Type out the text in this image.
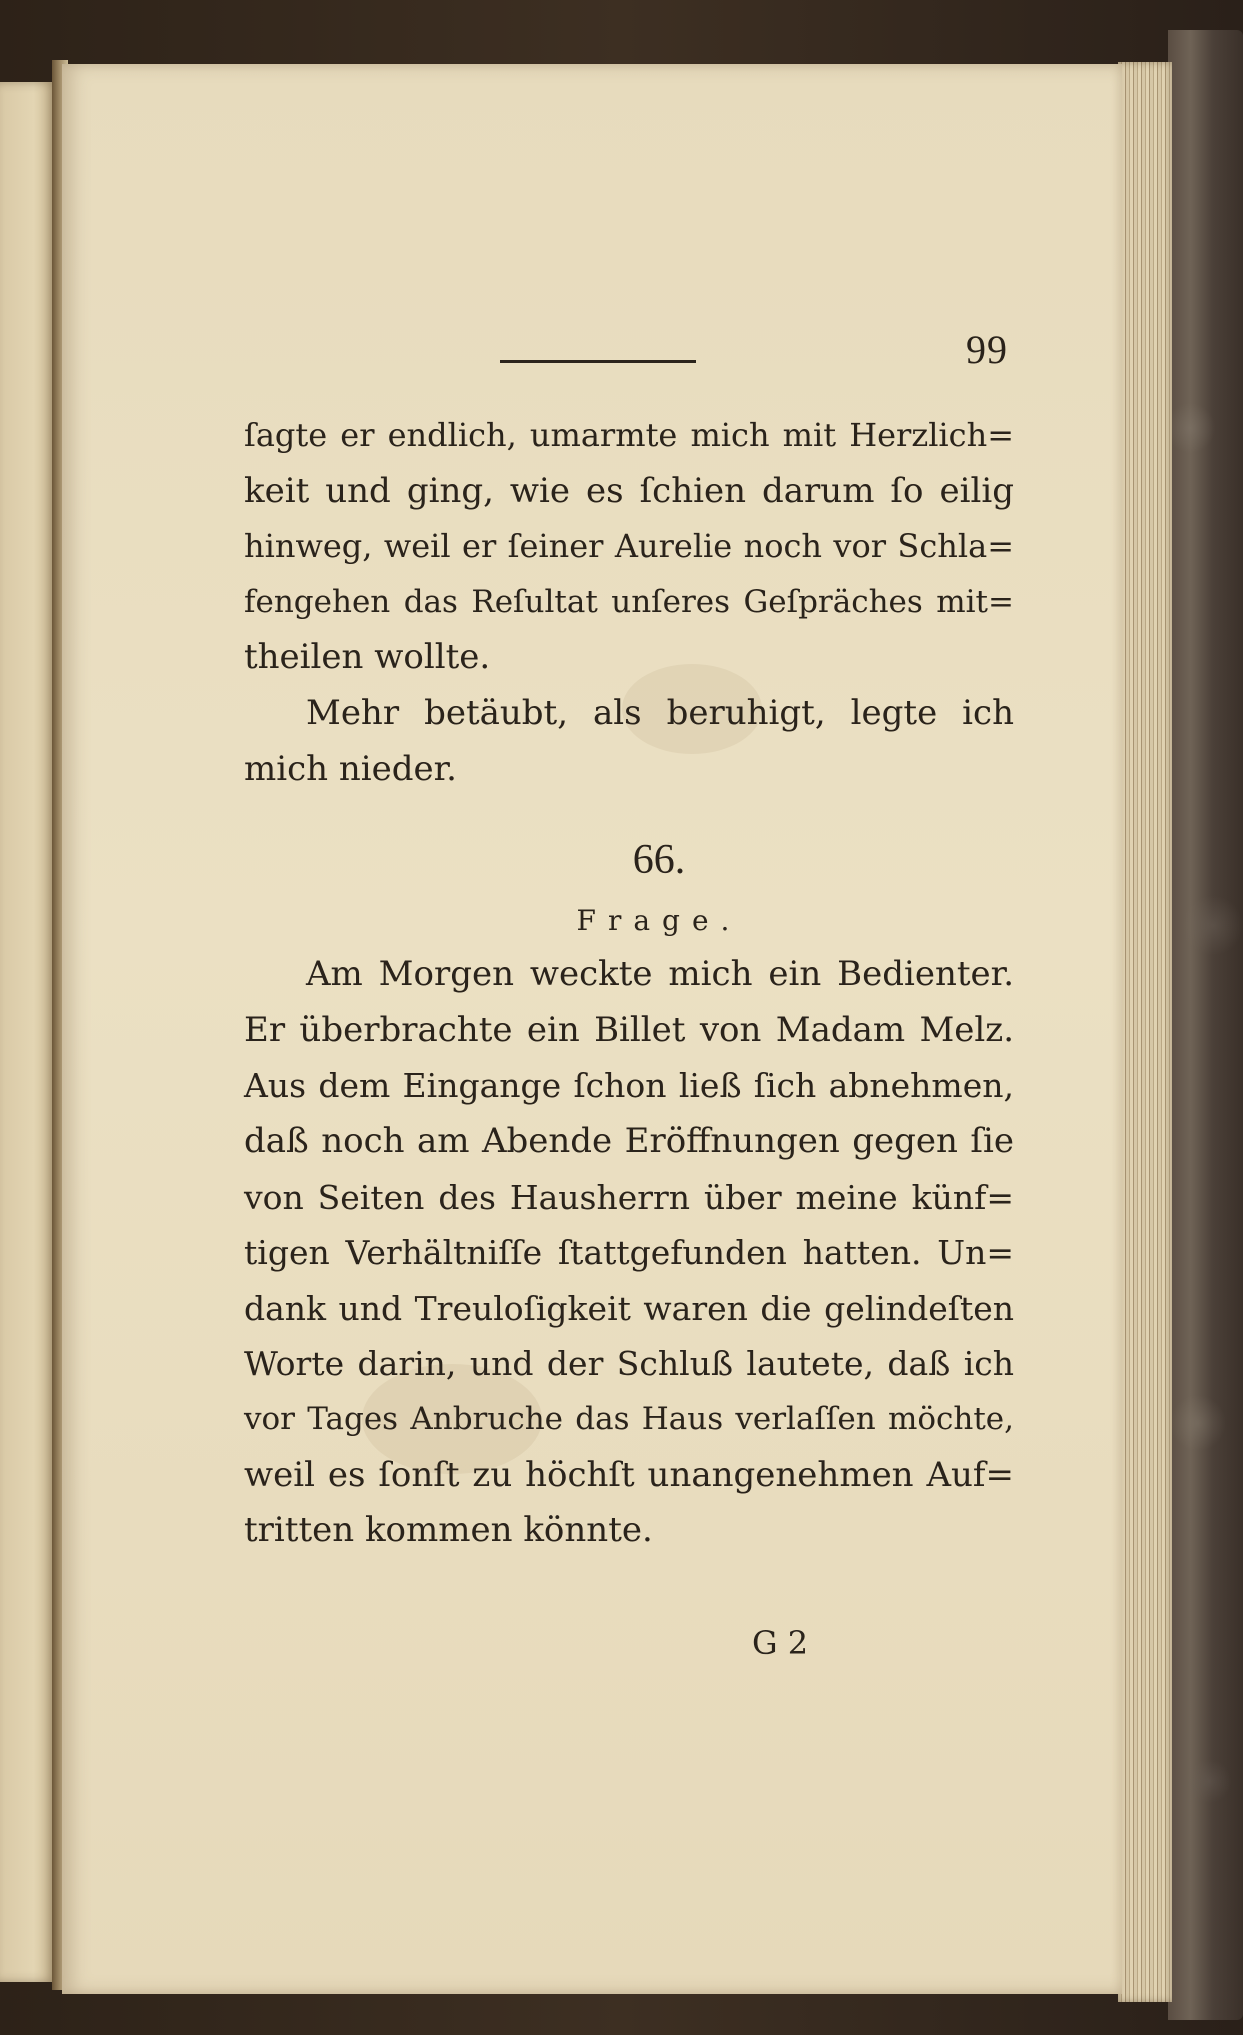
99
ſagte er endlich, umarmte mich mit Herzlich=
keit und ging, wie es ſchien darum ſo eilig
hinweg, weil er ſeiner Aurelie noch vor Schla=
fengehen das Reſultat unſeres Geſpräches mit=
theilen wollte.
Mehr betäubt, als beruhigt, legte ich
mich nieder.
66.
Frage.
Am Morgen weckte mich ein Bedienter.
Er überbrachte ein Billet von Madam Melz.
Aus dem Eingange ſchon ließ ſich abnehmen,
daß noch am Abende Eröffnungen gegen ſie
von Seiten des Hausherrn über meine künf=
tigen Verhältniſſe ſtattgefunden hatten. Un=
dank und Treuloſigkeit waren die gelindeſten
Worte darin, und der Schluß lautete, daß ich
vor Tages Anbruche das Haus verlaſſen möchte,
weil es ſonſt zu höchſt unangenehmen Auf=
tritten kommen könnte.
G 2
